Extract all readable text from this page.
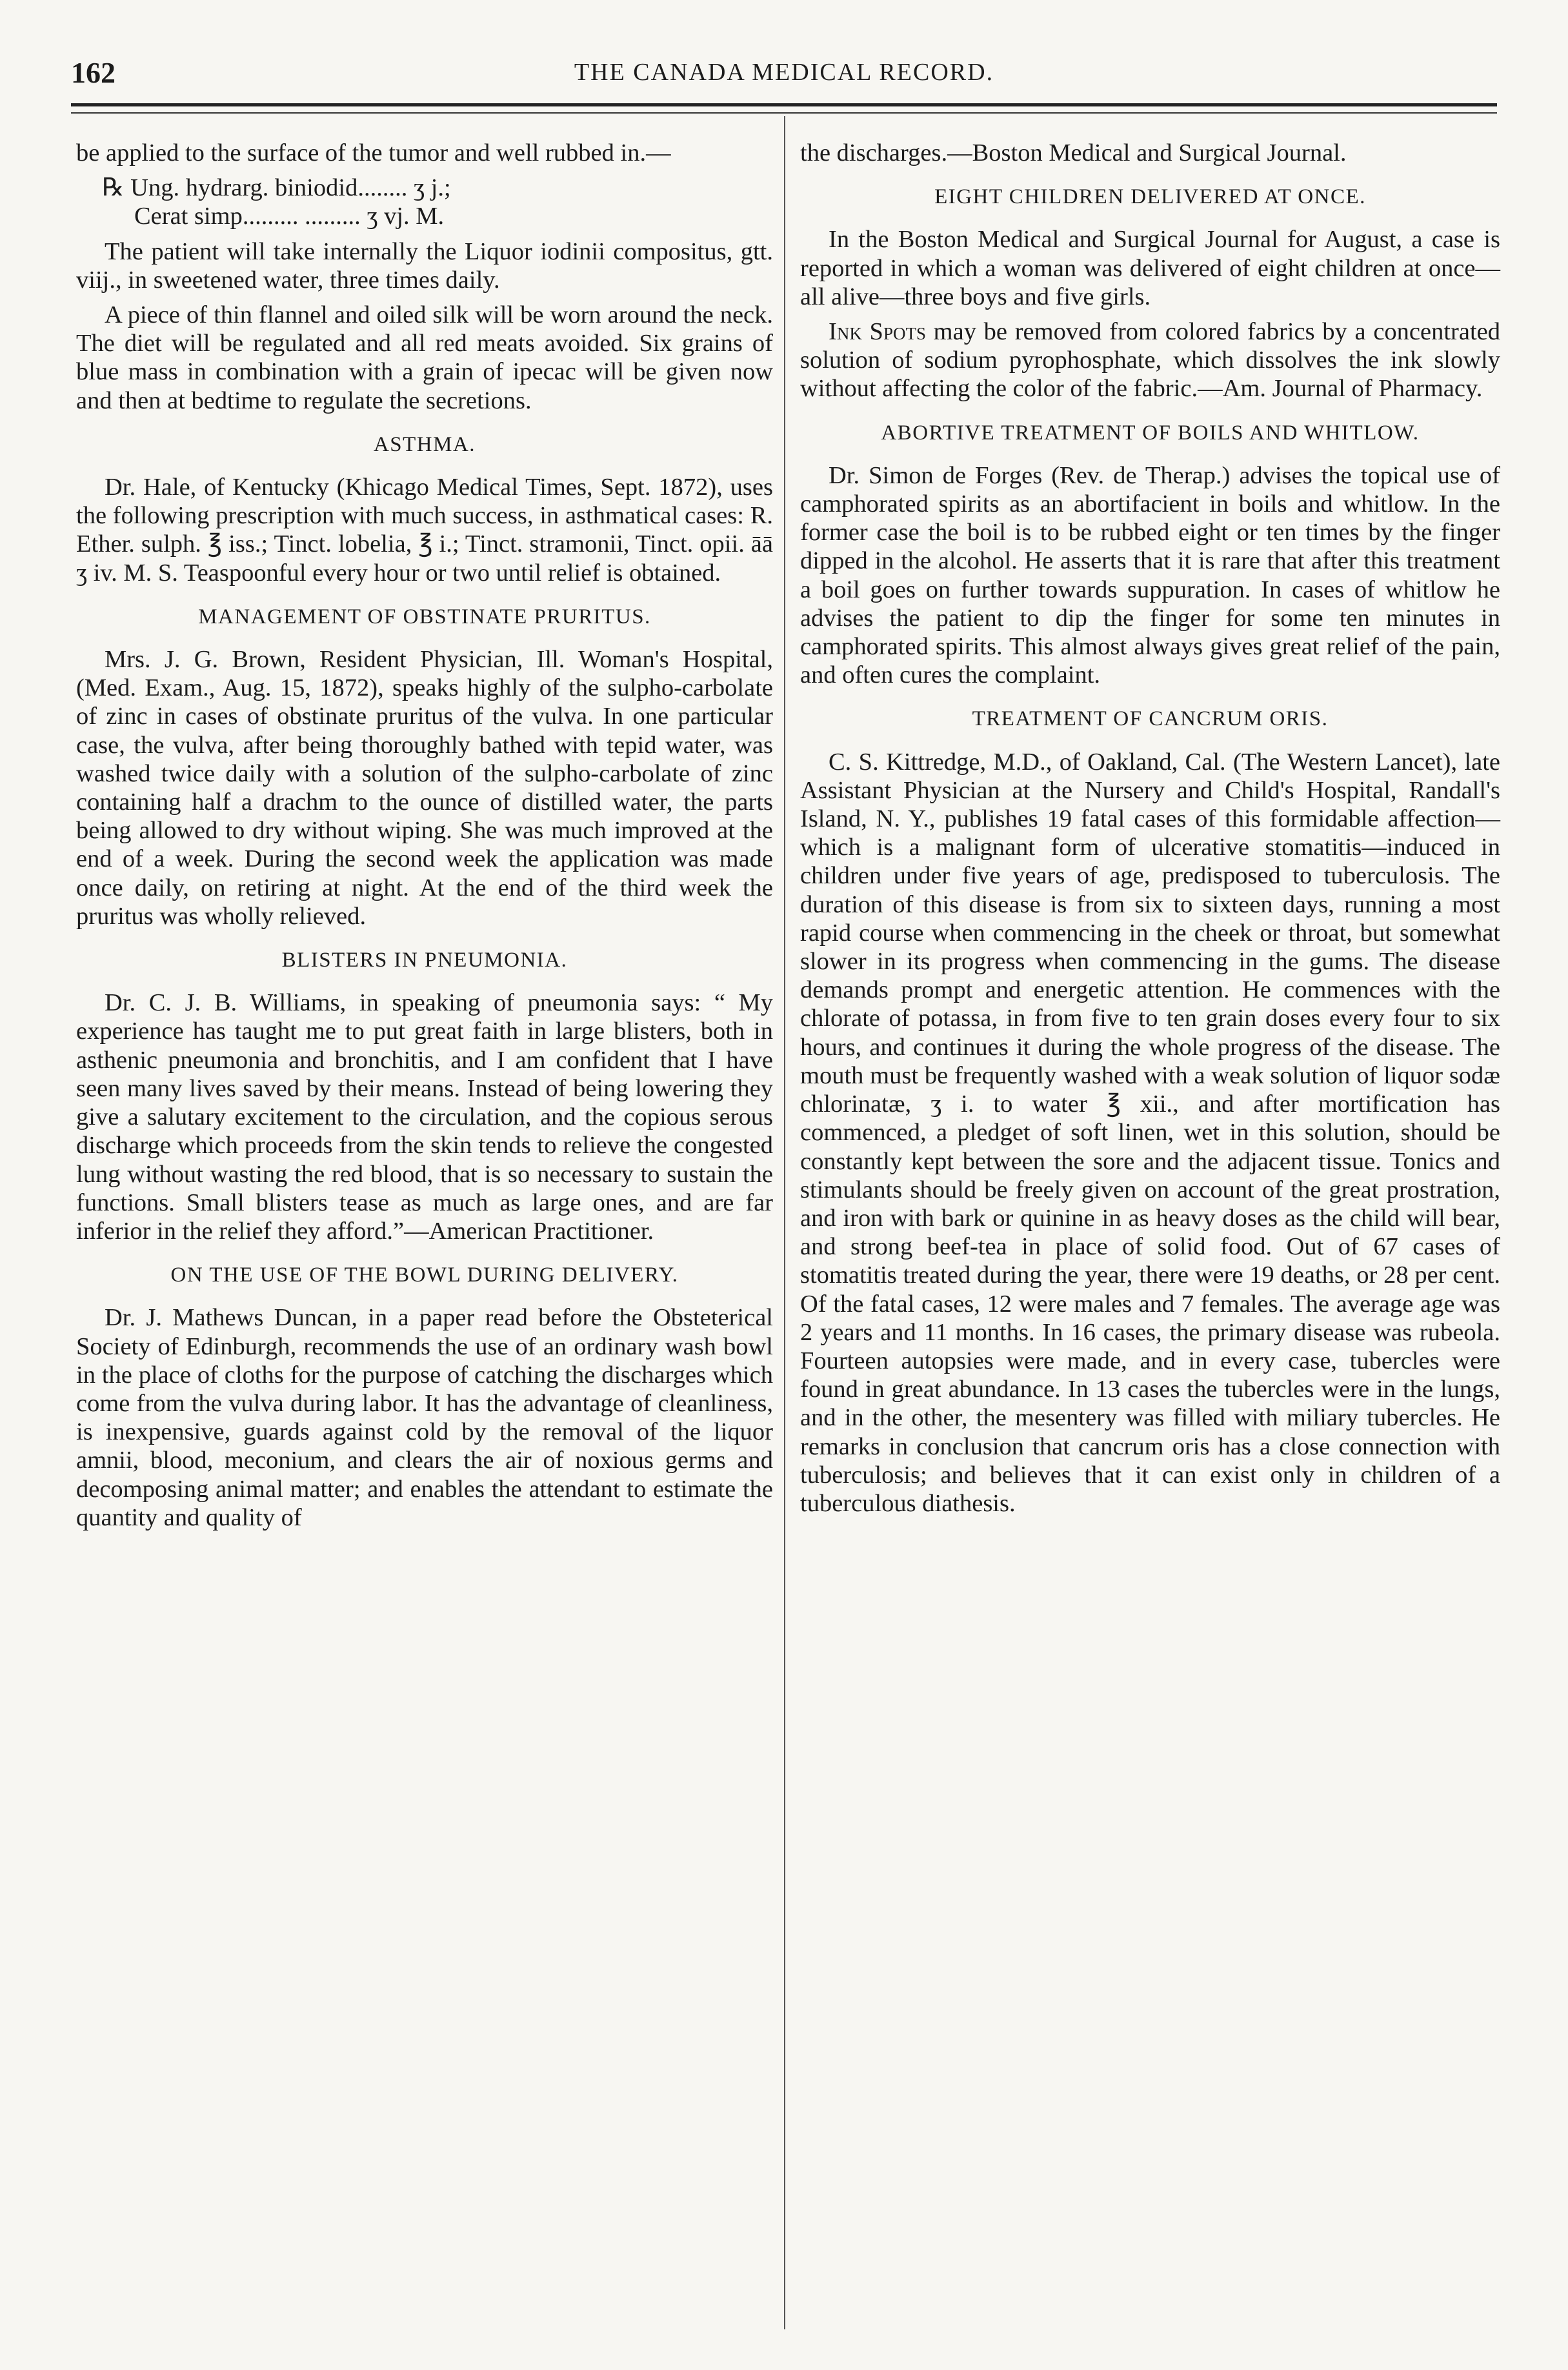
162	THE CANADA MEDICAL RECORD.

be applied to the surface of the tumor and well rubbed in.—

℞ Ung. hydrarg. biniodid........ ʒ j.;
Cerat simp......... ......... ʒ vj. M.

The patient will take internally the Liquor iodinii compositus, gtt. viij., in sweetened water, three times daily.

A piece of thin flannel and oiled silk will be worn around the neck. The diet will be regulated and all red meats avoided. Six grains of blue mass in combination with a grain of ipecac will be given now and then at bedtime to regulate the secretions.

ASTHMA.

Dr. Hale, of Kentucky (Khicago Medical Times, Sept. 1872), uses the following prescription with much success, in asthmatical cases: R. Ether. sulph. ℥ iss.; Tinct. lobelia, ℥ i.; Tinct. stramonii, Tinct. opii. āā ʒ iv. M. S. Teaspoonful every hour or two until relief is obtained.

MANAGEMENT OF OBSTINATE PRURITUS.

Mrs. J. G. Brown, Resident Physician, Ill. Woman's Hospital, (Med. Exam., Aug. 15, 1872), speaks highly of the sulpho-carbolate of zinc in cases of obstinate pruritus of the vulva. In one particular case, the vulva, after being thoroughly bathed with tepid water, was washed twice daily with a solution of the sulpho-carbolate of zinc containing half a drachm to the ounce of distilled water, the parts being allowed to dry without wiping. She was much improved at the end of a week. During the second week the application was made once daily, on retiring at night. At the end of the third week the pruritus was wholly relieved.

BLISTERS IN PNEUMONIA.

Dr. C. J. B. Williams, in speaking of pneumonia says: “ My experience has taught me to put great faith in large blisters, both in asthenic pneumonia and bronchitis, and I am confident that I have seen many lives saved by their means. Instead of being lowering they give a salutary excitement to the circulation, and the copious serous discharge which proceeds from the skin tends to relieve the congested lung without wasting the red blood, that is so necessary to sustain the functions. Small blisters tease as much as large ones, and are far inferior in the relief they afford.”—American Practitioner.

ON THE USE OF THE BOWL DURING DELIVERY.

Dr. J. Mathews Duncan, in a paper read before the Obsteterical Society of Edinburgh, recommends the use of an ordinary wash bowl in the place of cloths for the purpose of catching the discharges which come from the vulva during labor. It has the advantage of cleanliness, is inexpensive, guards against cold by the removal of the liquor amnii, blood, meconium, and clears the air of noxious germs and decomposing animal matter; and enables the attendant to estimate the quantity and quality of

the discharges.—Boston Medical and Surgical Journal.

EIGHT CHILDREN DELIVERED AT ONCE.

In the Boston Medical and Surgical Journal for August, a case is reported in which a woman was delivered of eight children at once—all alive—three boys and five girls.

Ink Spots may be removed from colored fabrics by a concentrated solution of sodium pyrophosphate, which dissolves the ink slowly without affecting the color of the fabric.—Am. Journal of Pharmacy.

ABORTIVE TREATMENT OF BOILS AND WHITLOW.

Dr. Simon de Forges (Rev. de Therap.) advises the topical use of camphorated spirits as an abortifacient in boils and whitlow. In the former case the boil is to be rubbed eight or ten times by the finger dipped in the alcohol. He asserts that it is rare that after this treatment a boil goes on further towards suppuration. In cases of whitlow he advises the patient to dip the finger for some ten minutes in camphorated spirits. This almost always gives great relief of the pain, and often cures the complaint.

TREATMENT OF CANCRUM ORIS.

C. S. Kittredge, M.D., of Oakland, Cal. (The Western Lancet), late Assistant Physician at the Nursery and Child's Hospital, Randall's Island, N. Y., publishes 19 fatal cases of this formidable affection—which is a malignant form of ulcerative stomatitis—induced in children under five years of age, predisposed to tuberculosis. The duration of this disease is from six to sixteen days, running a most rapid course when commencing in the cheek or throat, but somewhat slower in its progress when commencing in the gums. The disease demands prompt and energetic attention. He commences with the chlorate of potassa, in from five to ten grain doses every four to six hours, and continues it during the whole progress of the disease. The mouth must be frequently washed with a weak solution of liquor sodæ chlorinatæ, ʒ i. to water ℥ xii., and after mortification has commenced, a pledget of soft linen, wet in this solution, should be constantly kept between the sore and the adjacent tissue. Tonics and stimulants should be freely given on account of the great prostration, and iron with bark or quinine in as heavy doses as the child will bear, and strong beef-tea in place of solid food. Out of 67 cases of stomatitis treated during the year, there were 19 deaths, or 28 per cent. Of the fatal cases, 12 were males and 7 females. The average age was 2 years and 11 months. In 16 cases, the primary disease was rubeola. Fourteen autopsies were made, and in every case, tubercles were found in great abundance. In 13 cases the tubercles were in the lungs, and in the other, the mesentery was filled with miliary tubercles. He remarks in conclusion that cancrum oris has a close connection with tuberculosis; and believes that it can exist only in children of a tuberculous diathesis.
